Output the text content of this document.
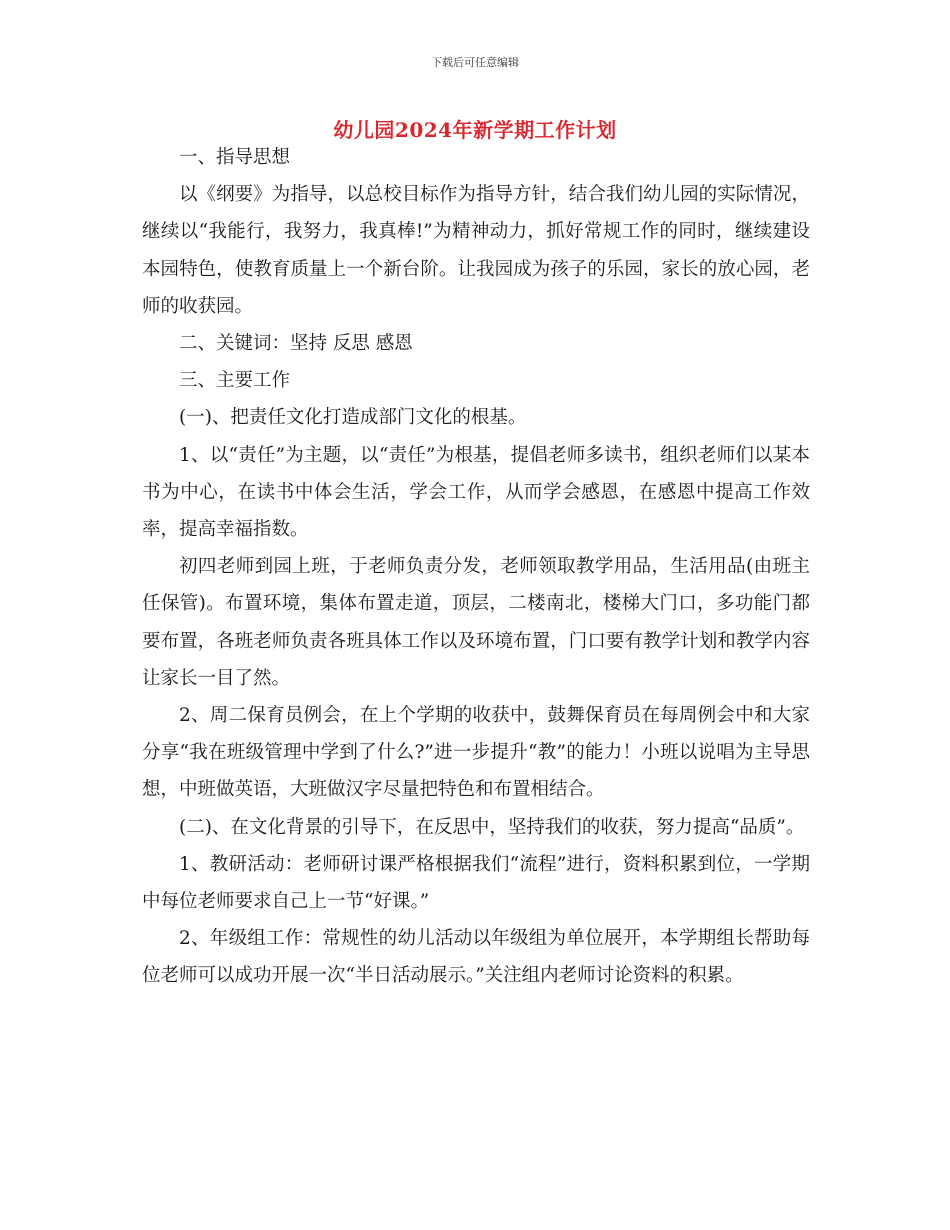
下载后可任意编辑
幼儿园2024年新学期工作计划

一、指导思想

以《纲要》为指导，以总校目标作为指导方针，结合我们幼儿园的实际情况，继续以“我能行，我努力，我真棒!”为精神动力，抓好常规工作的同时，继续建设本园特色，使教育质量上一个新台阶。让我园成为孩子的乐园，家长的放心园，老师的收获园。

二、关键词：坚持 反思 感恩

三、主要工作

(一)、把责任文化打造成部门文化的根基。

1、以“责任”为主题，以“责任”为根基，提倡老师多读书，组织老师们以某本书为中心，在读书中体会生活，学会工作，从而学会感恩，在感恩中提高工作效率，提高幸福指数。

初四老师到园上班，于老师负责分发，老师领取教学用品，生活用品(由班主任保管)。布置环境，集体布置走道，顶层，二楼南北，楼梯大门口，多功能门都要布置，各班老师负责各班具体工作以及环境布置，门口要有教学计划和教学内容让家长一目了然。

2、周二保育员例会，在上个学期的收获中，鼓舞保育员在每周例会中和大家分享“我在班级管理中学到了什么?”进一步提升“教”的能力！小班以说唱为主导思想，中班做英语，大班做汉字尽量把特色和布置相结合。

(二)、在文化背景的引导下，在反思中，坚持我们的收获，努力提高“品质”。

1、教研活动：老师研讨课严格根据我们“流程”进行，资料积累到位，一学期中每位老师要求自己上一节“好课。”

2、年级组工作：常规性的幼儿活动以年级组为单位展开，本学期组长帮助每位老师可以成功开展一次“半日活动展示。”关注组内老师讨论资料的积累。
